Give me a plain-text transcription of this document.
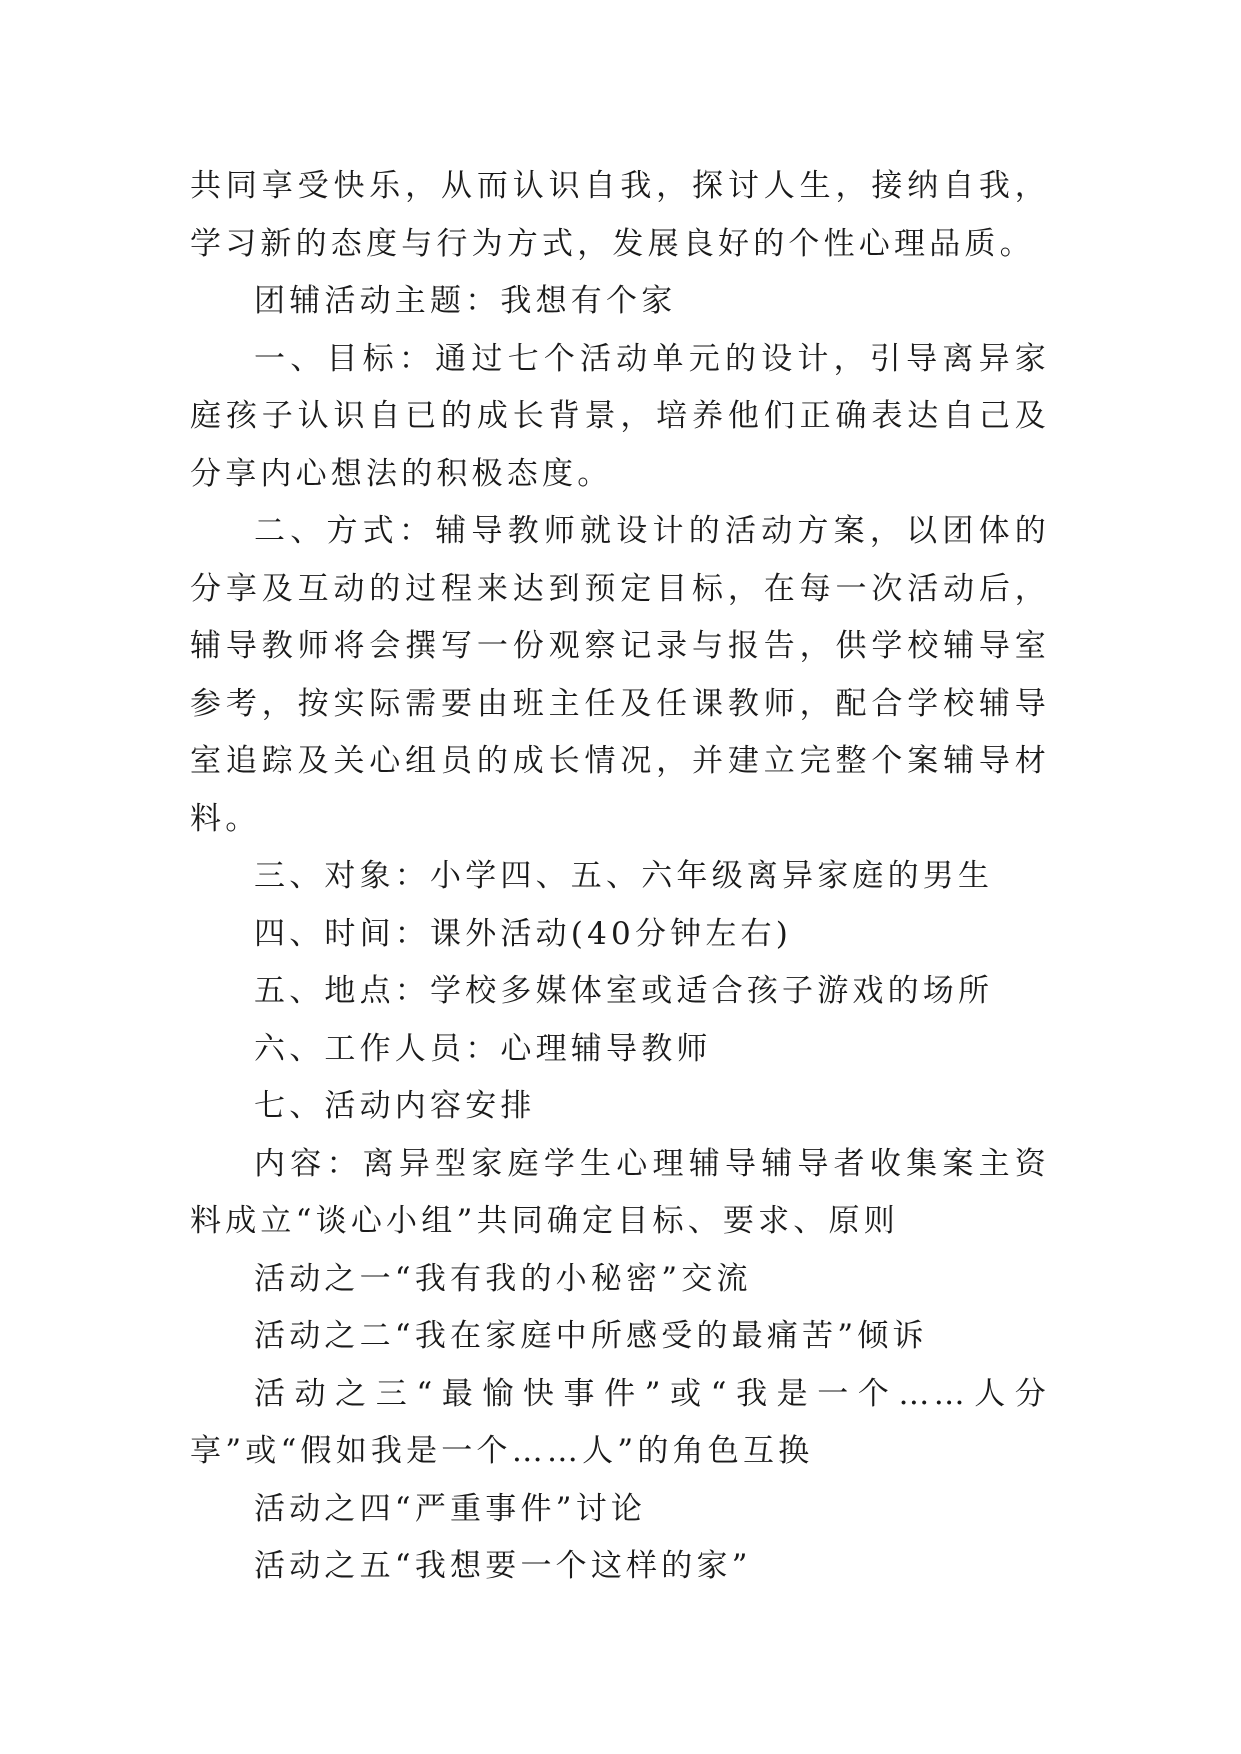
共同享受快乐，从而认识自我，探讨人生，接纳自我，学习新的态度与行为方式，发展良好的个性心理品质。

团辅活动主题：我想有个家

一、目标：通过七个活动单元的设计，引导离异家庭孩子认识自已的成长背景，培养他们正确表达自己及分享内心想法的积极态度。

二、方式：辅导教师就设计的活动方案，以团体的分享及互动的过程来达到预定目标，在每一次活动后，辅导教师将会撰写一份观察记录与报告，供学校辅导室参考，按实际需要由班主任及任课教师，配合学校辅导室追踪及关心组员的成长情况，并建立完整个案辅导材料。

三、对象：小学四、五、六年级离异家庭的男生

四、时间：课外活动(40分钟左右)

五、地点：学校多媒体室或适合孩子游戏的场所

六、工作人员：心理辅导教师

七、活动内容安排

内容：离异型家庭学生心理辅导辅导者收集案主资料成立“谈心小组”共同确定目标、要求、原则

活动之一“我有我的小秘密”交流

活动之二“我在家庭中所感受的最痛苦”倾诉

活动之三“最愉快事件”或“我是一个……人分享”或“假如我是一个……人”的角色互换

活动之四“严重事件”讨论

活动之五“我想要一个这样的家”
